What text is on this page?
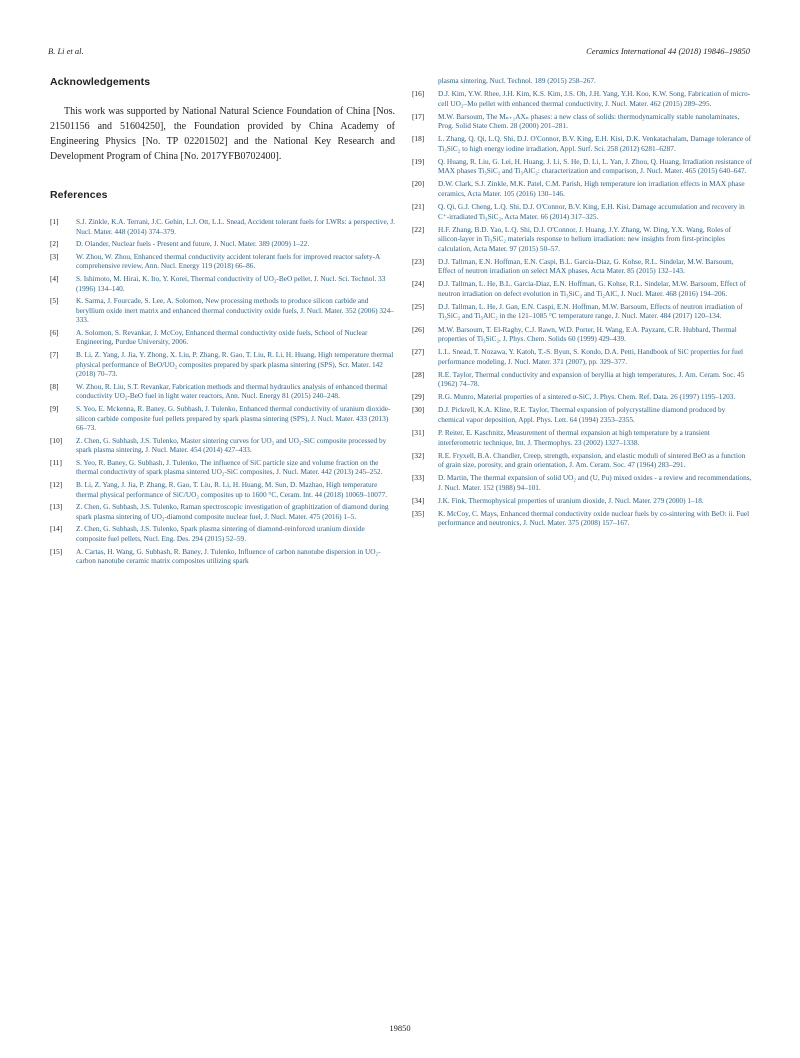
B. Li et al.	Ceramics International 44 (2018) 19846–19850
Acknowledgements

This work was supported by National Natural Science Foundation of China [Nos. 21501156 and 51604250], the Foundation provided by China Academy of Engineering Physics [No. TP 02201502] and the National Key Research and Development Program of China [No. 2017YFB0702400].

References
[1] S.J. Zinkle, K.A. Terrani, J.C. Gehin, L.J. Ott, L.L. Snead, Accident tolerant fuels for LWRs: a perspective, J. Nucl. Mater. 448 (2014) 374–379.
[2] D. Olander, Nuclear fuels - Present and future, J. Nucl. Mater. 389 (2009) 1–22.
[3] W. Zhou, W. Zhou, Enhanced thermal conductivity accident tolerant fuels for improved reactor safety-A comprehensive review, Ann. Nucl. Energy 119 (2018) 66–86.
[4] S. Ishimoto, M. Hirai, K. Ito, Y. Korei, Thermal conductivity of UO₂-BeO pellet, J. Nucl. Sci. Technol. 33 (1996) 134–140.
[5] K. Sarma, J. Fourcade, S. Lee, A. Solomon, New processing methods to produce silicon carbide and beryllium oxide inert matrix and enhanced thermal conductivity oxide fuels, J. Nucl. Mater. 352 (2006) 324–333.
[6] A. Solomon, S. Revankar, J. McCoy, Enhanced thermal conductivity oxide fuels, School of Nuclear Engineering, Purdue University, 2006.
[7] B. Li, Z. Yang, J. Jia, Y. Zhong, X. Liu, P. Zhang, R. Gao, T. Liu, R. Li, H. Huang, High temperature thermal physical performance of BeO/UO₂ composites prepared by spark plasma sintering (SPS), Scr. Mater. 142 (2018) 70–73.
[8] W. Zhou, R. Liu, S.T. Revankar, Fabrication methods and thermal hydraulics analysis of enhanced thermal conductivity UO₂-BeO fuel in light water reactors, Ann. Nucl. Energy 81 (2015) 240–248.
[9] S. Yeo, E. Mckenna, R. Baney, G. Subhash, J. Tulenko, Enhanced thermal conductivity of uranium dioxide-silicon carbide composite fuel pellets prepared by spark plasma sintering (SPS), J. Nucl. Mater. 433 (2013) 66–73.
[10] Z. Chen, G. Subhash, J.S. Tulenko, Master sintering curves for UO₂ and UO₂-SiC composite processed by spark plasma sintering, J. Nucl. Mater. 454 (2014) 427–433.
[11] S. Yeo, R. Baney, G. Subhash, J. Tulenko, The influence of SiC particle size and volume fraction on the thermal conductivity of spark plasma sintered UO₂-SiC composites, J. Nucl. Mater. 442 (2013) 245–252.
[12] B. Li, Z. Yang, J. Jia, P. Zhang, R. Gao, T. Liu, R. Li, H. Huang, M. Sun, D. Mazhao, High temperature thermal physical performance of SiC/UO₂ composites up to 1600 °C, Ceram. Int. 44 (2018) 10069–10077.
[13] Z. Chen, G. Subhash, J.S. Tulenko, Raman spectroscopic investigation of graphitization of diamond during spark plasma sintering of UO₂-diamond composite nuclear fuel, J. Nucl. Mater. 475 (2016) 1–5.
[14] Z. Chen, G. Subhash, J.S. Tulenko, Spark plasma sintering of diamond-reinforced uranium dioxide composite fuel pellets, Nucl. Eng. Des. 294 (2015) 52–59.
[15] A. Cartas, H. Wang, G. Subhash, R. Baney, J. Tulenko, Influence of carbon nanotube dispersion in UO₂-carbon nanotube ceramic matrix composites utilizing spark
plasma sintering, Nucl. Technol. 189 (2015) 258–267.
[16] D.J. Kim, Y.W. Rhee, J.H. Kim, K.S. Kim, J.S. Oh, J.H. Yang, Y.H. Koo, K.W. Song, Fabrication of micro-cell UO₂–Mo pellet with enhanced thermal conductivity, J. Nucl. Mater. 462 (2015) 289–295.
[17] M.W. Barsoum, The Mₙ₊₁AXₙ phases: a new class of solids: thermodynamically stable nanolaminates, Prog. Solid State Chem. 28 (2000) 201–281.
[18] L. Zhang, Q. Qi, L.Q. Shi, D.J. O'Connor, B.V. King, E.H. Kisi, D.K. Venkatachalam, Damage tolerance of Ti₃SiC₂ to high energy iodine irradiation, Appl. Surf. Sci. 258 (2012) 6281–6287.
[19] Q. Huang, R. Liu, G. Lei, H. Huang, J. Li, S. He, D. Li, L. Yan, J. Zhou, Q. Huang, Irradiation resistance of MAX phases Ti₃SiC₂ and Ti₃AlC₂: characterization and comparison, J. Nucl. Mater. 465 (2015) 640–647.
[20] D.W. Clark, S.J. Zinkle, M.K. Patel, C.M. Parish, High temperature ion irradiation effects in MAX phase ceramics, Acta Mater. 105 (2016) 130–146.
[21] Q. Qi, G.J. Cheng, L.Q. Shi, D.J. O'Connor, B.V. King, E.H. Kisi, Damage accumulation and recovery in C⁺-irradiated Ti₃SiC₂, Acta Mater. 66 (2014) 317–325.
[22] H.F. Zhang, B.D. Yao, L.Q. Shi, D.J. O'Connor, J. Huang, J.Y. Zhang, W. Ding, Y.X. Wang, Roles of silicon-layer in Ti₃SiC₂ materials response to helium irradiation: new insights from first-principles calculation, Acta Mater. 97 (2015) 50–57.
[23] D.J. Tallman, E.N. Hoffman, E.N. Caspi, B.L. Garcia-Diaz, G. Kohse, R.L. Sindelar, M.W. Barsoum, Effect of neutron irradiation on select MAX phases, Acta Mater. 85 (2015) 132–143.
[24] D.J. Tallman, L. He, B.L. Garcia-Diaz, E.N. Hoffman, G. Kohse, R.L. Sindelar, M.W. Barsoum, Effect of neutron irradiation on defect evolution in Ti₃SiC₂ and Ti₂AlC, J. Nucl. Mater. 468 (2016) 194–206.
[25] D.J. Tallman, L. He, J. Gan, E.N. Caspi, E.N. Hoffman, M.W. Barsoum, Effects of neutron irradiation of Ti₃SiC₂ and Ti₃AlC₂ in the 121–1085 °C temperature range, J. Nucl. Mater. 484 (2017) 120–134.
[26] M.W. Barsoum, T. El-Raghy, C.J. Rawn, W.D. Porter, H. Wang, E.A. Payzant, C.R. Hubbard, Thermal properties of Ti₃SiC₂, J. Phys. Chem. Solids 60 (1999) 429–439.
[27] L.L. Snead, T. Nozawa, Y. Katoh, T.-S. Byun, S. Kondo, D.A. Petti, Handbook of SiC properties for fuel performance modeling, J. Nucl. Mater. 371 (2007), pp. 329–377.
[28] R.E. Taylor, Thermal conductivity and expansion of beryllia at high temperatures, J. Am. Ceram. Soc. 45 (1962) 74–78.
[29] R.G. Munro, Material properties of a sintered α-SiC, J. Phys. Chem. Ref. Data. 26 (1997) 1195–1203.
[30] D.J. Pickrell, K.A. Kline, R.E. Taylor, Thermal expansion of polycrystalline diamond produced by chemical vapor deposition, Appl. Phys. Lett. 64 (1994) 2353–2355.
[31] P. Reiter, E. Kaschnitz, Measurement of thermal expansion at high temperature by a transient interferometric technique, Int. J. Thermophys. 23 (2002) 1327–1338.
[32] R.E. Fryxell, B.A. Chandler, Creep, strength, expansion, and elastic moduli of sintered BeO as a function of grain size, porosity, and grain orientation, J. Am. Ceram. Soc. 47 (1964) 283–291.
[33] D. Martin, The thermal expansion of solid UO₂ and (U, Pu) mixed oxides - a review and recommendations, J. Nucl. Mater. 152 (1988) 94–101.
[34] J.K. Fink, Thermophysical properties of uranium dioxide, J. Nucl. Mater. 279 (2000) 1–18.
[35] K. McCoy, C. Mays, Enhanced thermal conductivity oxide nuclear fuels by co-sintering with BeO: ii. Fuel performance and neutronics, J. Nucl. Mater. 375 (2008) 157–167.
19850
